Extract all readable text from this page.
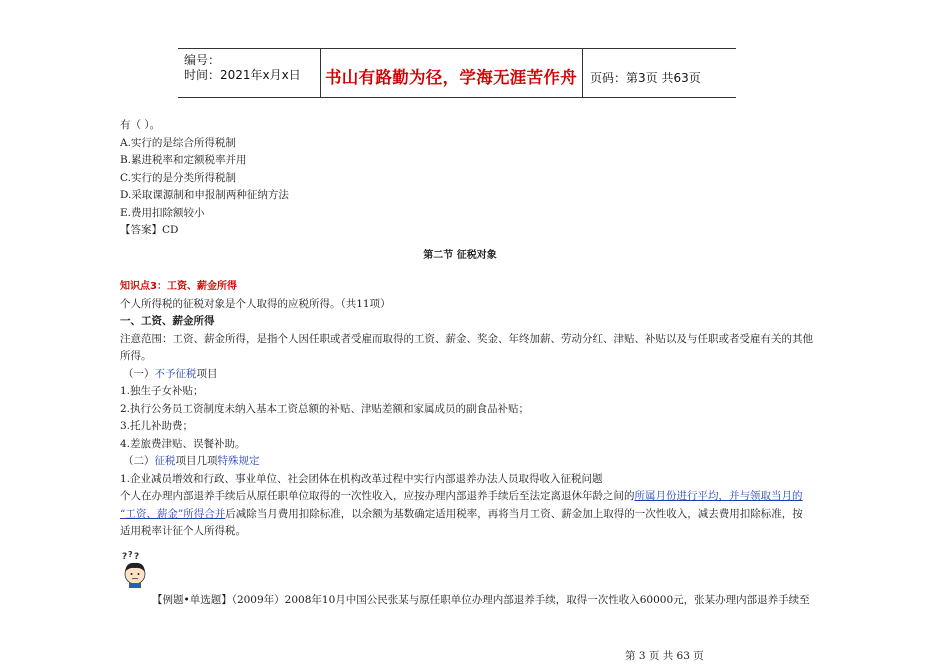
编号：
时间：2021年x月x日	书山有路勤为径，学海无涯苦作舟	页码：第3页 共63页
有（ ）。
A.实行的是综合所得税制
B.累进税率和定额税率并用
C.实行的是分类所得税制
D.采取课源制和申报制两种征纳方法
E.费用扣除额较小
【答案】CD
第二节 征税对象
知识点3：工资、薪金所得
个人所得税的征税对象是个人取得的应税所得。（共11项）
一、工资、薪金所得
注意范围：工资、薪金所得，是指个人因任职或者受雇而取得的工资、薪金、奖金、年终加薪、劳动分红、津贴、补贴以及与任职或者受雇有关的其他
所得。
（一）不予征税项目
1.独生子女补贴；
2.执行公务员工资制度未纳入基本工资总额的补贴、津贴差额和家属成员的副食品补贴；
3.托儿补助费；
4.差旅费津贴、误餐补助。
（二）征税项目几项特殊规定
1.企业减员增效和行政、事业单位、社会团体在机构改革过程中实行内部退养办法人员取得收入征税问题
个人在办理内部退养手续后从原任职单位取得的一次性收入，应按办理内部退养手续后至法定离退休年龄之间的所属月份进行平均，并与领取当月的
“工资、薪金”所得合并后减除当月费用扣除标准，以余额为基数确定适用税率，再将当月工资、薪金加上取得的一次性收入，减去费用扣除标准，按
适用税率计征个人所得税。
? ? ?
【例题•单选题】（2009年）2008年10月中国公民张某与原任职单位办理内部退养手续，取得一次性收入60000元，张某办理内部退养手续至
第 3 页 共 63 页
